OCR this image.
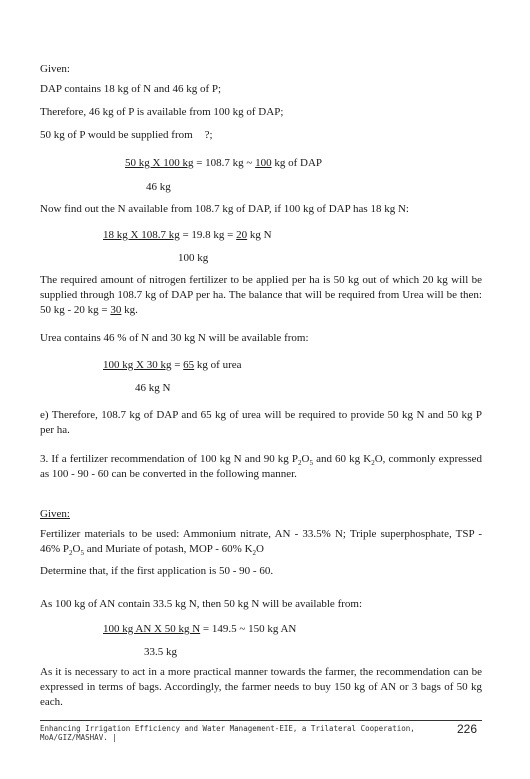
Given:

DAP contains 18 kg of N and 46 kg of P;

Therefore, 46 kg of P is available from 100 kg of DAP;

50 kg of P would be supplied from ?;

50 kg X 100 kg = 108.7 kg ~ 100 kg of DAP
46 kg

Now find out the N available from 108.7 kg of DAP, if 100 kg of DAP has 18 kg N:

18 kg X 108.7 kg = 19.8 kg = 20 kg N
100 kg

The required amount of nitrogen fertilizer to be applied per ha is 50 kg out of which 20 kg will be supplied through 108.7 kg of DAP per ha. The balance that will be required from Urea will be then: 50 kg - 20 kg = 30 kg.

Urea contains 46 % of N and 30 kg N will be available from:

100 kg X 30 kg = 65 kg of urea
46 kg N

e) Therefore, 108.7 kg of DAP and 65 kg of urea will be required to provide 50 kg N and 50 kg P per ha.

3. If a fertilizer recommendation of 100 kg N and 90 kg $P_2O_5$ and 60 kg $K_2O$, commonly expressed as 100 - 90 - 60 can be converted in the following manner.

Given:

Fertilizer materials to be used: Ammonium nitrate, AN - 33.5% N; Triple superphosphate, TSP - 46% $P_2O_5$ and Muriate of potash, MOP - 60% $K_2O$

Determine that, if the first application is 50 - 90 - 60.

As 100 kg of AN contain 33.5 kg N, then 50 kg N will be available from:

100 kg AN X 50 kg N = 149.5 ~ 150 kg AN
33.5 kg

As it is necessary to act in a more practical manner towards the farmer, the recommendation can be expressed in terms of bags. Accordingly, the farmer needs to buy 150 kg of AN or 3 bags of 50 kg each.

Enhancing Irrigation Efficiency and Water Management-EIE, a Trilateral Cooperation, MoA/GIZ/MASHAV. |
226
